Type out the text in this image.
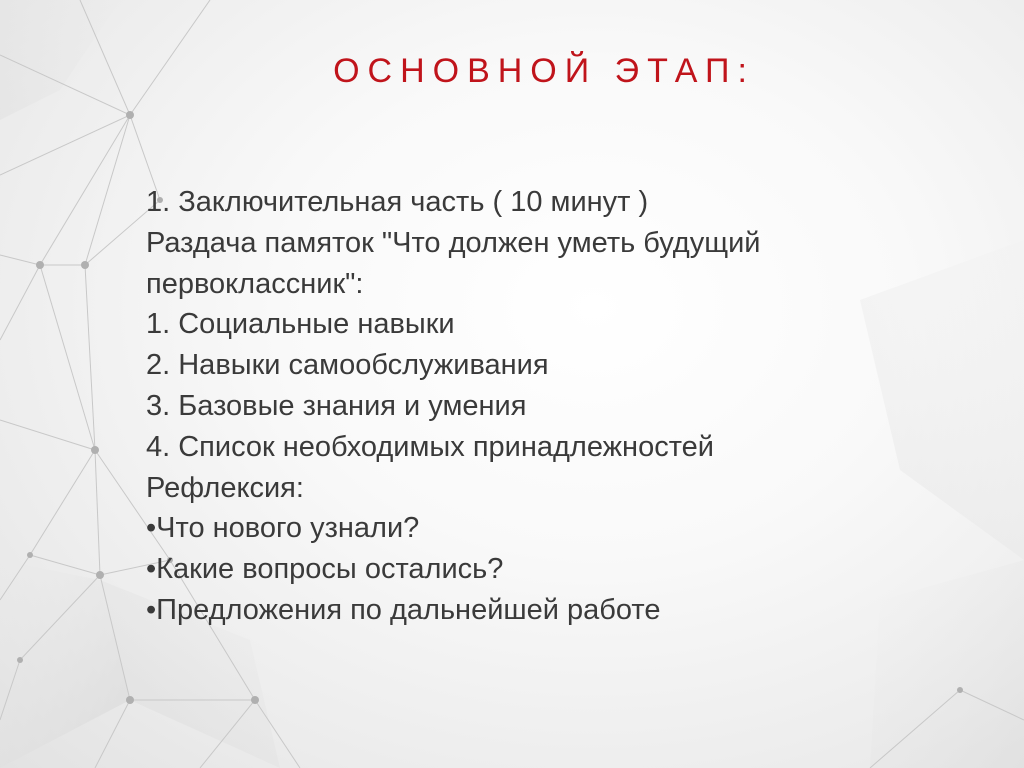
ОСНОВНОЙ ЭТАП:
1. Заключительная часть ( 10 минут )
Раздача памяток "Что должен уметь будущий
первоклассник":
1. Социальные навыки
2. Навыки самообслуживания
3. Базовые знания и умения
4. Список необходимых принадлежностей
Рефлексия:
•Что нового узнали?
•Какие вопросы остались?
•Предложения по дальнейшей работе
